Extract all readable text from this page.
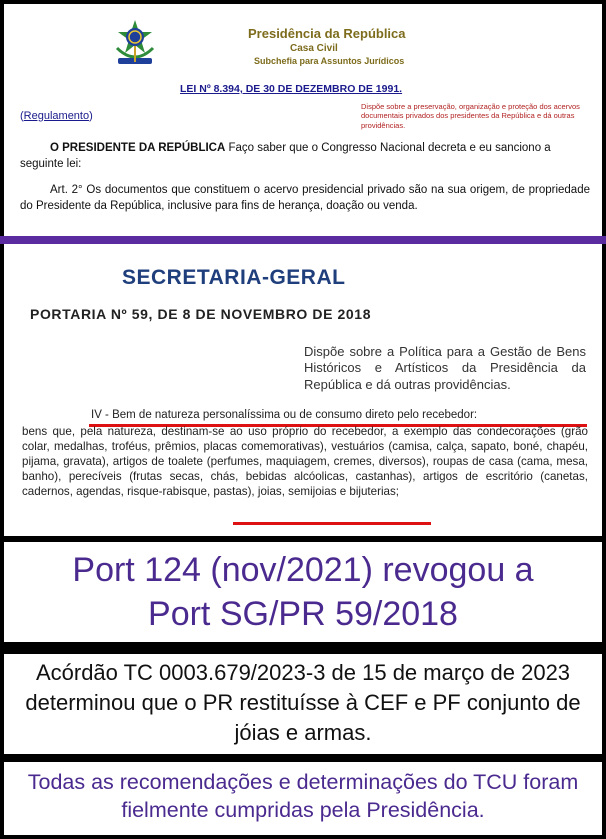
Presidência da República
Casa Civil
Subchefia para Assuntos Jurídicos
LEI Nº 8.394, DE 30 DE DEZEMBRO DE 1991.
(Regulamento)
Dispõe sobre a preservação, organização e proteção dos acervos documentais privados dos presidentes da República e dá outras providências.
O PRESIDENTE DA REPÚBLICA Faço saber que o Congresso Nacional decreta e eu sanciono a seguinte lei:
Art. 2° Os documentos que constituem o acervo presidencial privado são na sua origem, de propriedade do Presidente da República, inclusive para fins de herança, doação ou venda.
SECRETARIA-GERAL
PORTARIA Nº 59, DE 8 DE NOVEMBRO DE 2018
Dispõe sobre a Política para a Gestão de Bens Históricos e Artísticos da Presidência da República e dá outras providências.
IV - Bem de natureza personalíssima ou de consumo direto pelo recebedor:
bens que, pela natureza, destinam-se ao uso próprio do recebedor, a exemplo das condecorações (grão colar, medalhas, troféus, prêmios, placas comemorativas), vestuários (camisa, calça, sapato, boné, chapéu, pijama, gravata), artigos de toalete (perfumes, maquiagem, cremes, diversos), roupas de casa (cama, mesa, banho), perecíveis (frutas secas, chás, bebidas alcóolicas, castanhas), artigos de escritório (canetas, cadernos, agendas, risque-rabisque, pastas), joias, semijoias e bijuterias;
Port 124 (nov/2021) revogou a
Port SG/PR 59/2018
Acórdão TC 0003.679/2023-3 de 15 de março de 2023 determinou que o PR restituísse à CEF e PF conjunto de jóias e armas.
Todas as recomendações e determinações do TCU foram fielmente cumpridas pela Presidência.
